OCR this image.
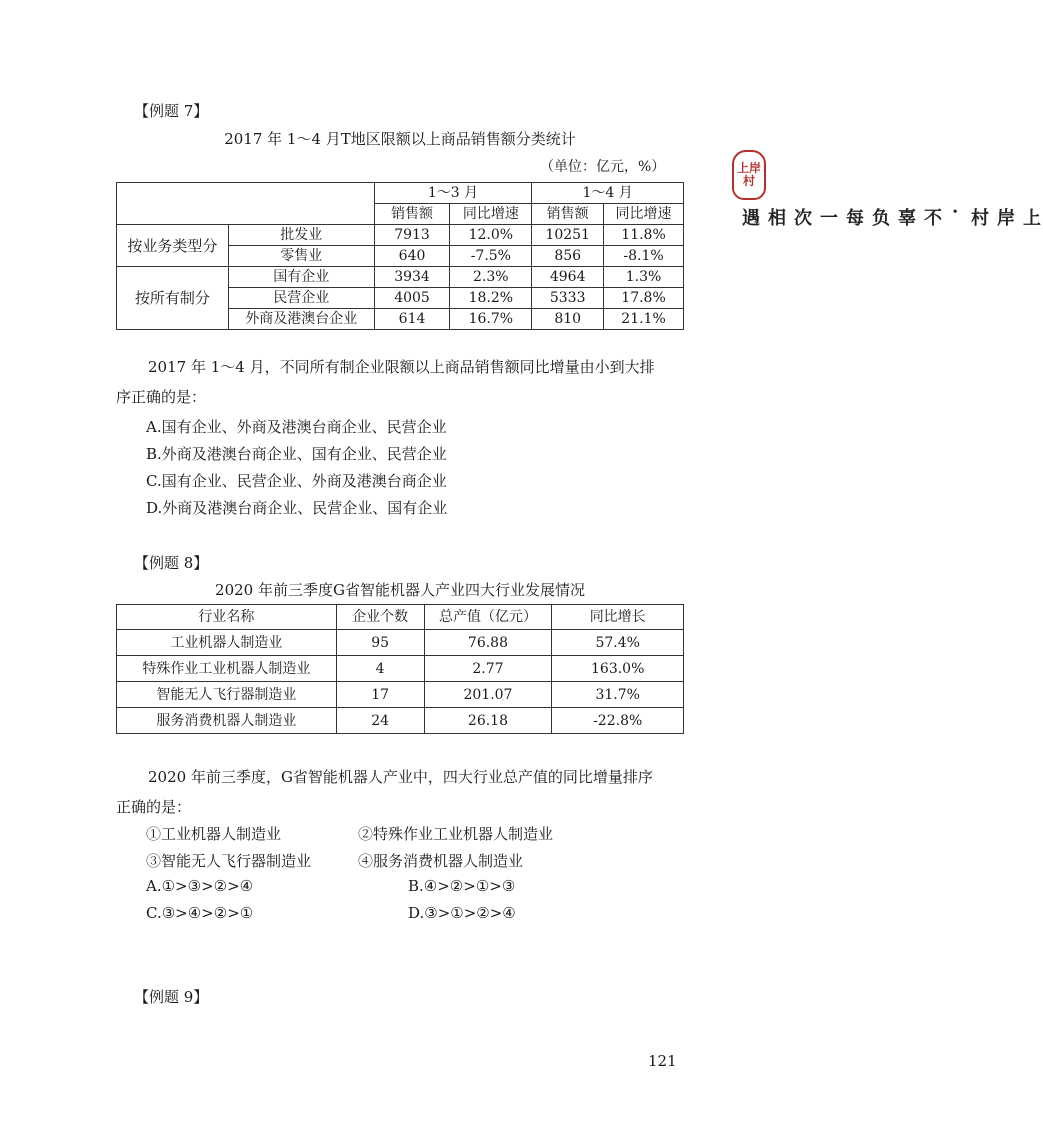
上岸
村
上岸村·不辜负每一次相遇
【例题 7】
2017 年 1～4 月T地区限额以上商品销售额分类统计
（单位：亿元，%）
		1～3 月		1～4 月	
		销售额	同比增速	销售额	同比增速
按业务类型分	批发业	7913	12.0%	10251	11.8%
	零售业	640	-7.5%	856	-8.1%
按所有制分	国有企业	3934	2.3%	4964	1.3%
	民营企业	4005	18.2%	5333	17.8%
	外商及港澳台企业	614	16.7%	810	21.1%
2017 年 1～4 月，不同所有制企业限额以上商品销售额同比增量由小到大排
序正确的是：
A.国有企业、外商及港澳台商企业、民营企业
B.外商及港澳台商企业、国有企业、民营企业
C.国有企业、民营企业、外商及港澳台商企业
D.外商及港澳台商企业、民营企业、国有企业
【例题 8】
2020 年前三季度G省智能机器人产业四大行业发展情况
行业名称	企业个数	总产值（亿元）	同比增长
工业机器人制造业	95	76.88	57.4%
特殊作业工业机器人制造业	4	2.77	163.0%
智能无人飞行器制造业	17	201.07	31.7%
服务消费机器人制造业	24	26.18	-22.8%
2020 年前三季度，G省智能机器人产业中，四大行业总产值的同比增量排序
正确的是：
①工业机器人制造业	②特殊作业工业机器人制造业
③智能无人飞行器制造业	④服务消费机器人制造业
A.①>③>②>④	B.④>②>①>③
C.③>④>②>①	D.③>①>②>④
【例题 9】
121
